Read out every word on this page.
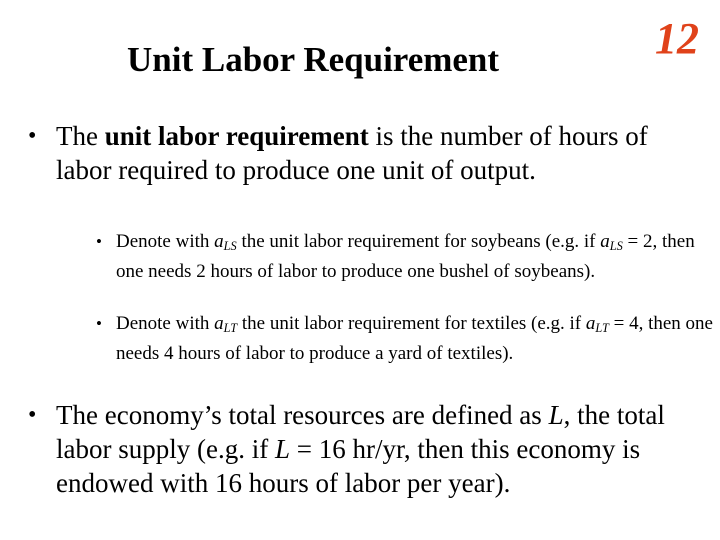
Unit Labor Requirement	12
• The unit labor requirement is the number of hours of labor required to produce one unit of output.
• Denote with $a_{LS}$ the unit labor requirement for soybeans (e.g. if $a_{LS} = 2$, then one needs 2 hours of labor to produce one bushel of soybeans).
• Denote with $a_{LT}$ the unit labor requirement for textiles (e.g. if $a_{LT} = 4$, then one needs 4 hours of labor to produce a yard of textiles).
• The economy’s total resources are defined as L, the total labor supply (e.g. if L = 16 hr/yr, then this economy is endowed with 16 hours of labor per year).
